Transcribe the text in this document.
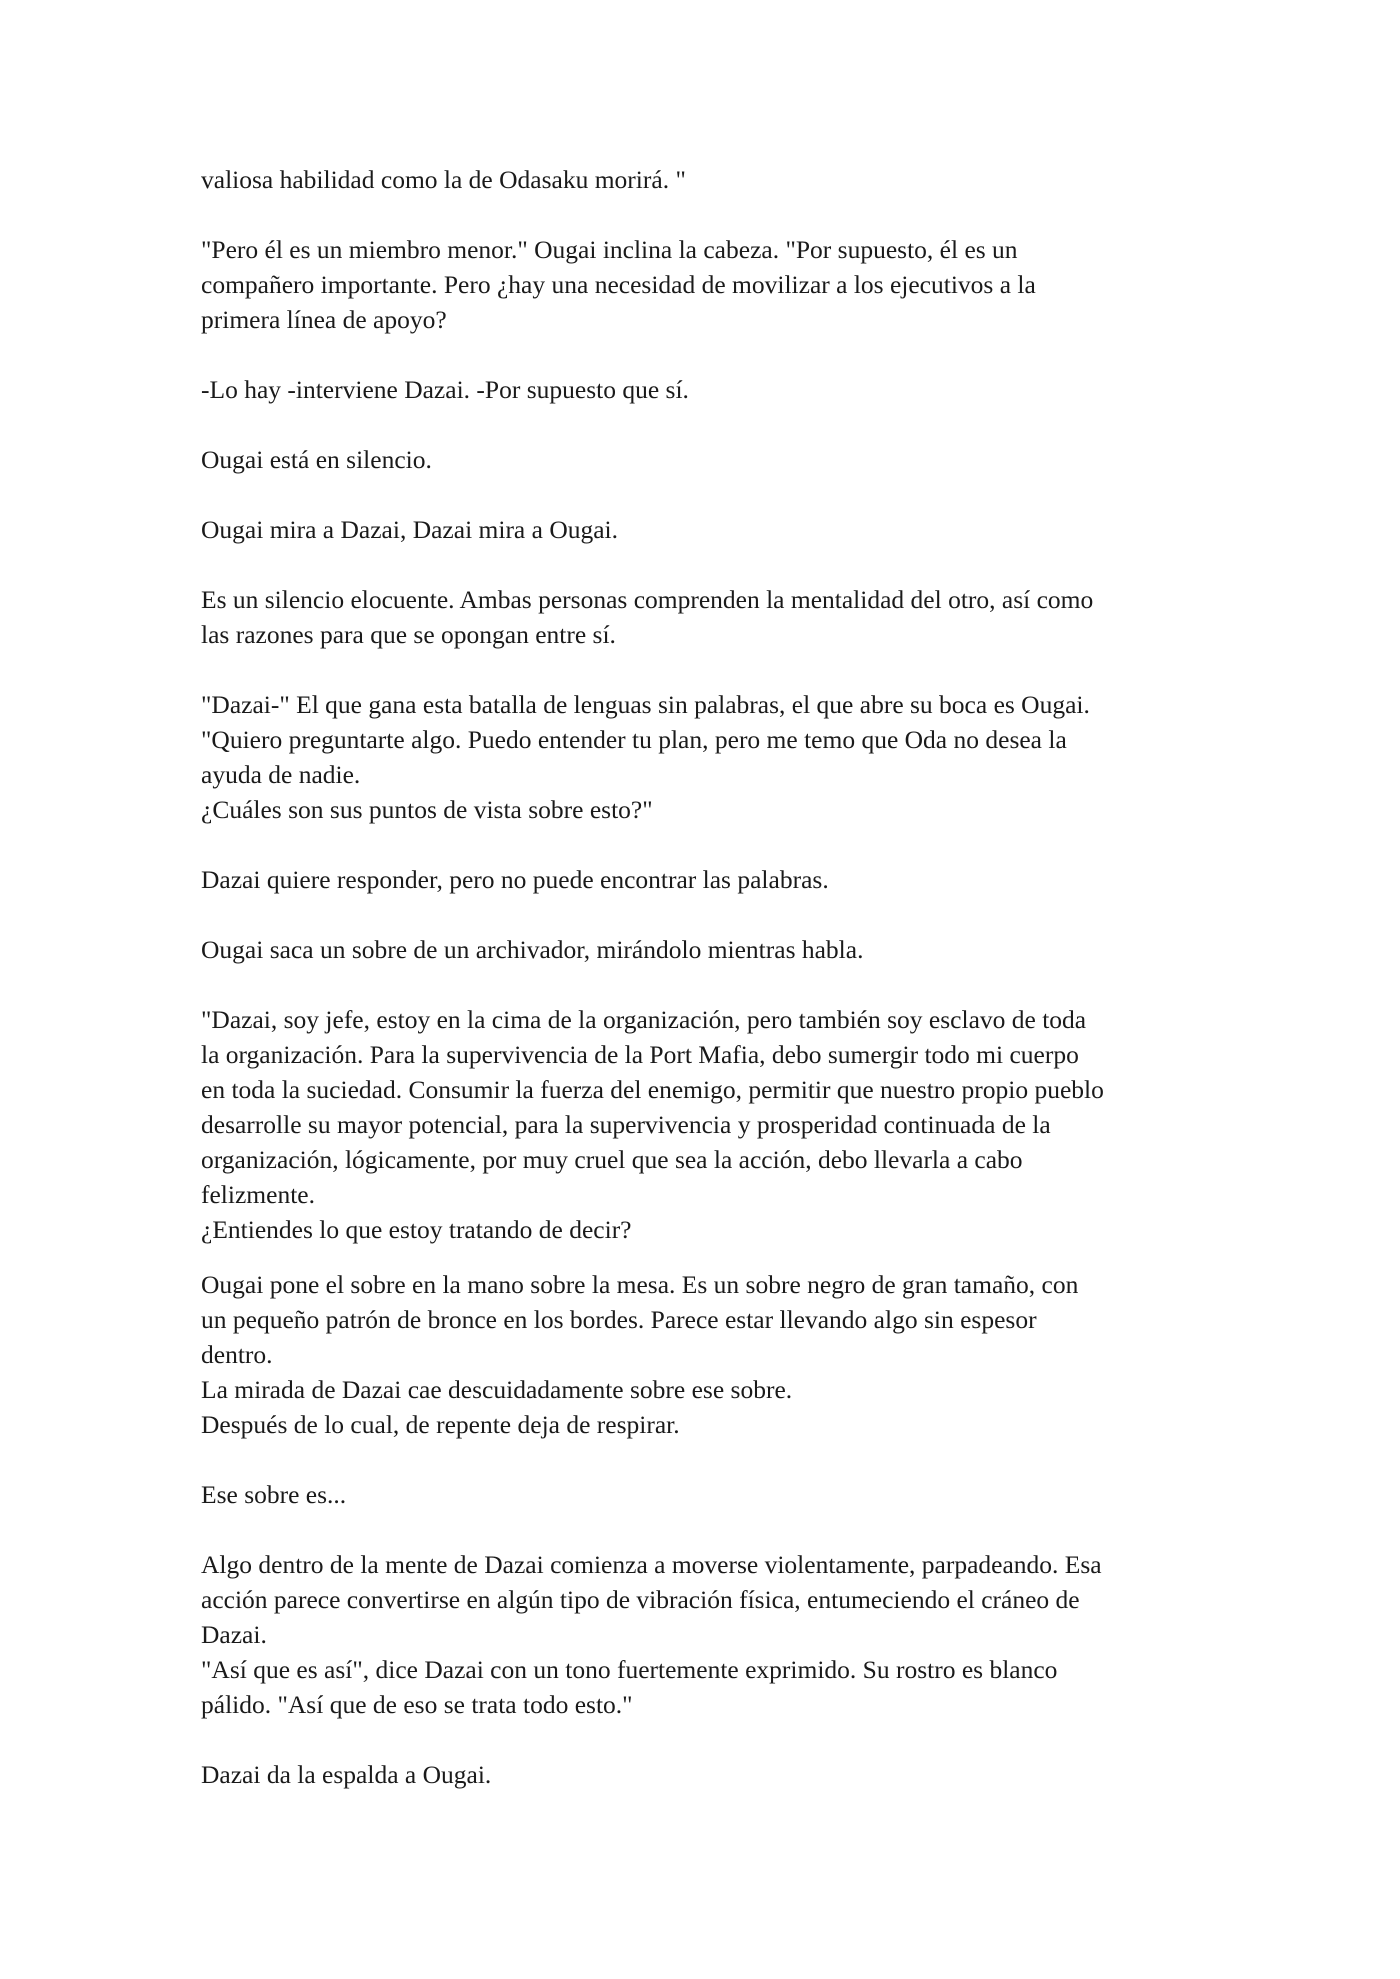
valiosa habilidad como la de Odasaku morirá. "

"Pero él es un miembro menor." Ougai inclina la cabeza. "Por supuesto, él es un
compañero importante. Pero ¿hay una necesidad de movilizar a los ejecutivos a la
primera línea de apoyo?

-Lo hay -interviene Dazai. -Por supuesto que sí.

Ougai está en silencio.

Ougai mira a Dazai, Dazai mira a Ougai.

Es un silencio elocuente. Ambas personas comprenden la mentalidad del otro, así como
las razones para que se opongan entre sí.

"Dazai-" El que gana esta batalla de lenguas sin palabras, el que abre su boca es Ougai.
"Quiero preguntarte algo. Puedo entender tu plan, pero me temo que Oda no desea la
ayuda de nadie.
¿Cuáles son sus puntos de vista sobre esto?"

Dazai quiere responder, pero no puede encontrar las palabras.

Ougai saca un sobre de un archivador, mirándolo mientras habla.

"Dazai, soy jefe, estoy en la cima de la organización, pero también soy esclavo de toda
la organización. Para la supervivencia de la Port Mafia, debo sumergir todo mi cuerpo
en toda la suciedad. Consumir la fuerza del enemigo, permitir que nuestro propio pueblo
desarrolle su mayor potencial, para la supervivencia y prosperidad continuada de la
organización, lógicamente, por muy cruel que sea la acción, debo llevarla a cabo
felizmente.
¿Entiendes lo que estoy tratando de decir?

Ougai pone el sobre en la mano sobre la mesa. Es un sobre negro de gran tamaño, con
un pequeño patrón de bronce en los bordes. Parece estar llevando algo sin espesor
dentro.
La mirada de Dazai cae descuidadamente sobre ese sobre.
Después de lo cual, de repente deja de respirar.

Ese sobre es...

Algo dentro de la mente de Dazai comienza a moverse violentamente, parpadeando. Esa
acción parece convertirse en algún tipo de vibración física, entumeciendo el cráneo de
Dazai.
"Así que es así", dice Dazai con un tono fuertemente exprimido. Su rostro es blanco
pálido. "Así que de eso se trata todo esto."

Dazai da la espalda a Ougai.
